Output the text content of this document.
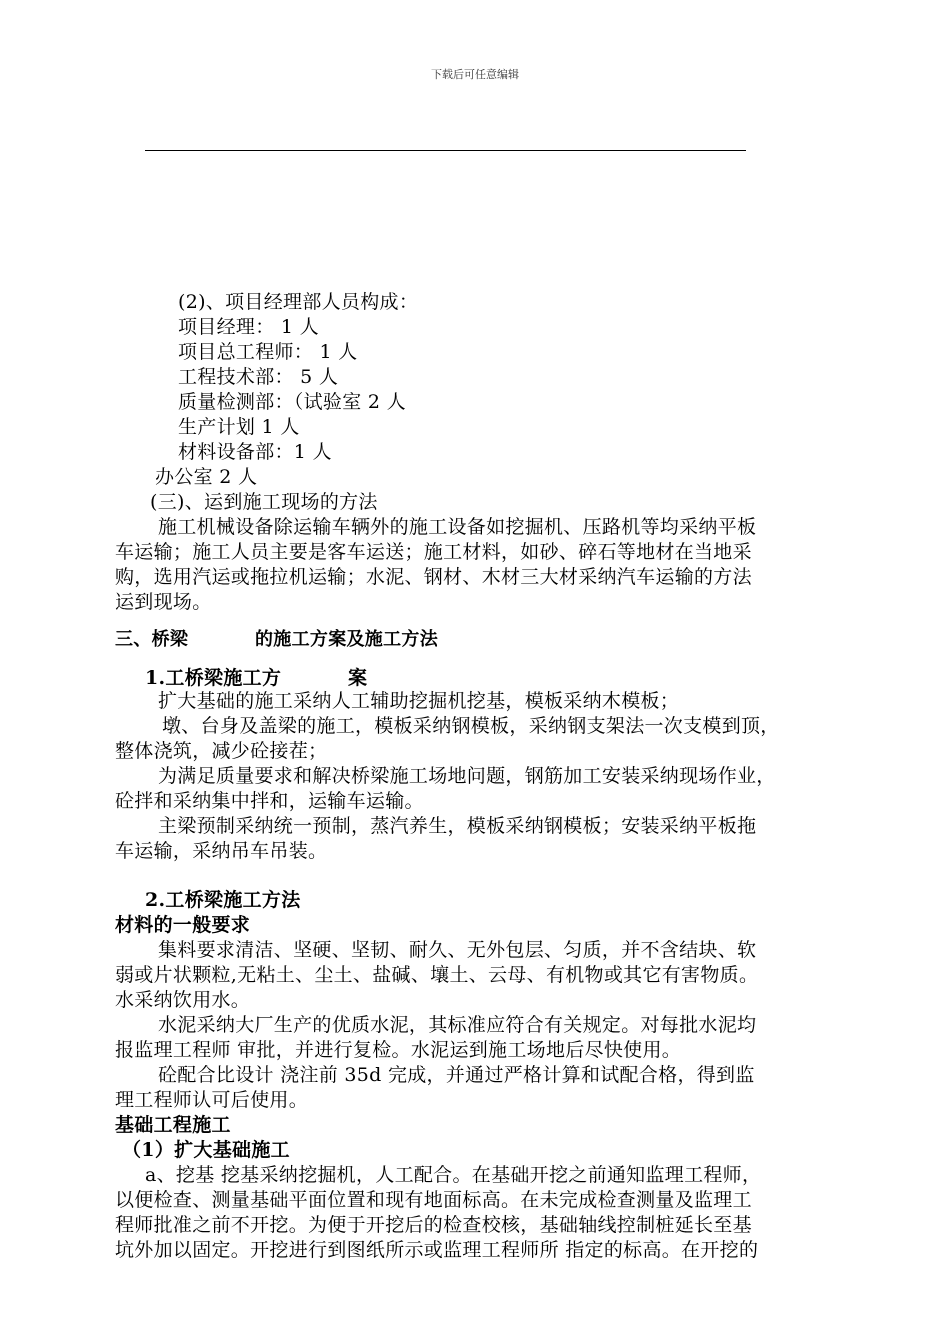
下载后可任意编辑
(2)、项目经理部人员构成：
项目经理： 1 人
项目总工程师： 1 人
工程技术部： 5 人
质量检测部：（试验室 2 人
生产计划 1 人
材料设备部：1 人
办公室 2 人
(三)、运到施工现场的方法
施工机械设备除运输车辆外的施工设备如挖掘机、压路机等均采纳平板
车运输；施工人员主要是客车运送；施工材料，如砂、碎石等地材在当地采
购，选用汽运或拖拉机运输；水泥、钢材、木材三大材采纳汽车运输的方法
运到现场。
三、桥梁	的施工方案及施工方法
1.工桥梁施工方	案
扩大基础的施工采纳人工辅助挖掘机挖基，模板采纳木模板；
墩、台身及盖梁的施工，模板采纳钢模板，采纳钢支架法一次支模到顶，
整体浇筑，减少砼接茬；
为满足质量要求和解决桥梁施工场地问题，钢筋加工安装采纳现场作业，
砼拌和采纳集中拌和，运输车运输。
主梁预制采纳统一预制，蒸汽养生，模板采纳钢模板；安装采纳平板拖
车运输，采纳吊车吊装。
2.工桥梁施工方法
材料的一般要求
集料要求清洁、坚硬、坚韧、耐久、无外包层、匀质，并不含结块、软
弱或片状颗粒,无粘土、尘土、盐碱、壤土、云母、有机物或其它有害物质。
水采纳饮用水。
水泥采纳大厂生产的优质水泥，其标准应符合有关规定。对每批水泥均
报监理工程师 审批，并进行复检。水泥运到施工场地后尽快使用。
砼配合比设计 浇注前 35d 完成，并通过严格计算和试配合格，得到监
理工程师认可后使用。
基础工程施工
（1）扩大基础施工
a、挖基 挖基采纳挖掘机，人工配合。在基础开挖之前通知监理工程师，
以便检查、测量基础平面位置和现有地面标高。在未完成检查测量及监理工
程师批准之前不开挖。为便于开挖后的检查校核，基础轴线控制桩延长至基
坑外加以固定。开挖进行到图纸所示或监理工程师所 指定的标高。在开挖的
